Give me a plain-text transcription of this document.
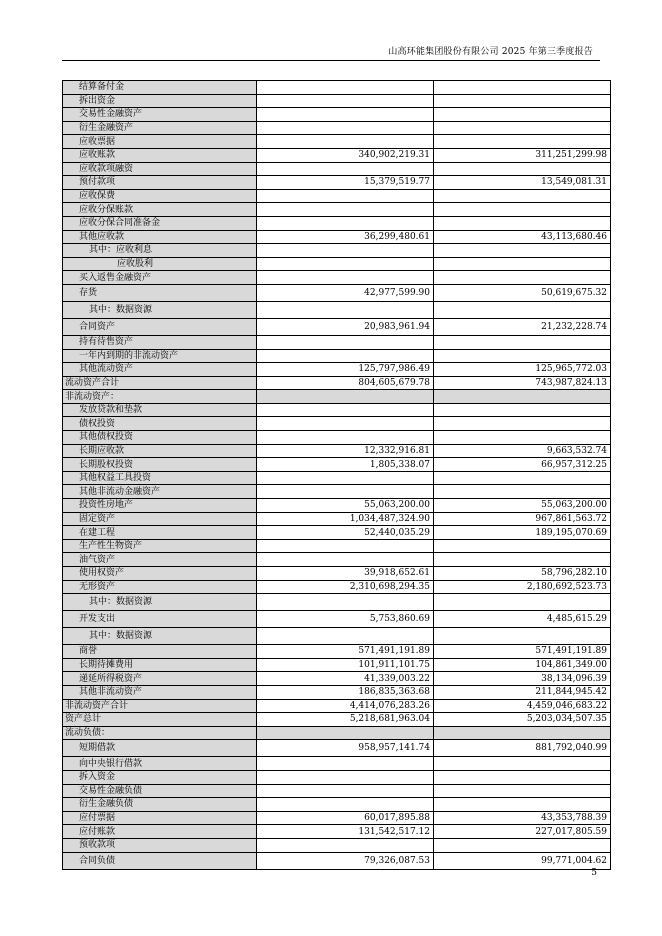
山高环能集团股份有限公司 2025 年第三季度报告
结算备付金		
拆出资金		
交易性金融资产		
衍生金融资产		
应收票据		
应收账款	340,902,219.31	311,251,299.98
应收款项融资		
预付款项	15,379,519.77	13,549,081.31
应收保费		
应收分保账款		
应收分保合同准备金		
其他应收款	36,299,480.61	43,113,680.46
其中：应收利息		
应收股利		
买入返售金融资产		
存货	42,977,599.90	50,619,675.32
其中：数据资源		
合同资产	20,983,961.94	21,232,228.74
持有待售资产		
一年内到期的非流动资产		
其他流动资产	125,797,986.49	125,965,772.03
流动资产合计	804,605,679.78	743,987,824.13
非流动资产：		
发放贷款和垫款		
债权投资		
其他债权投资		
长期应收款	12,332,916.81	9,663,532.74
长期股权投资	1,805,338.07	66,957,312.25
其他权益工具投资		
其他非流动金融资产		
投资性房地产	55,063,200.00	55,063,200.00
固定资产	1,034,487,324.90	967,861,563.72
在建工程	52,440,035.29	189,195,070.69
生产性生物资产		
油气资产		
使用权资产	39,918,652.61	58,796,282.10
无形资产	2,310,698,294.35	2,180,692,523.73
其中：数据资源		
开发支出	5,753,860.69	4,485,615.29
其中：数据资源		
商誉	571,491,191.89	571,491,191.89
长期待摊费用	101,911,101.75	104,861,349.00
递延所得税资产	41,339,003.22	38,134,096.39
其他非流动资产	186,835,363.68	211,844,945.42
非流动资产合计	4,414,076,283.26	4,459,046,683.22
资产总计	5,218,681,963.04	5,203,034,507.35
流动负债：		
短期借款	958,957,141.74	881,792,040.99
向中央银行借款		
拆入资金		
交易性金融负债		
衍生金融负债		
应付票据	60,017,895.88	43,353,788.39
应付账款	131,542,517.12	227,017,805.59
预收款项		
合同负债	79,326,087.53	99,771,004.62
5
